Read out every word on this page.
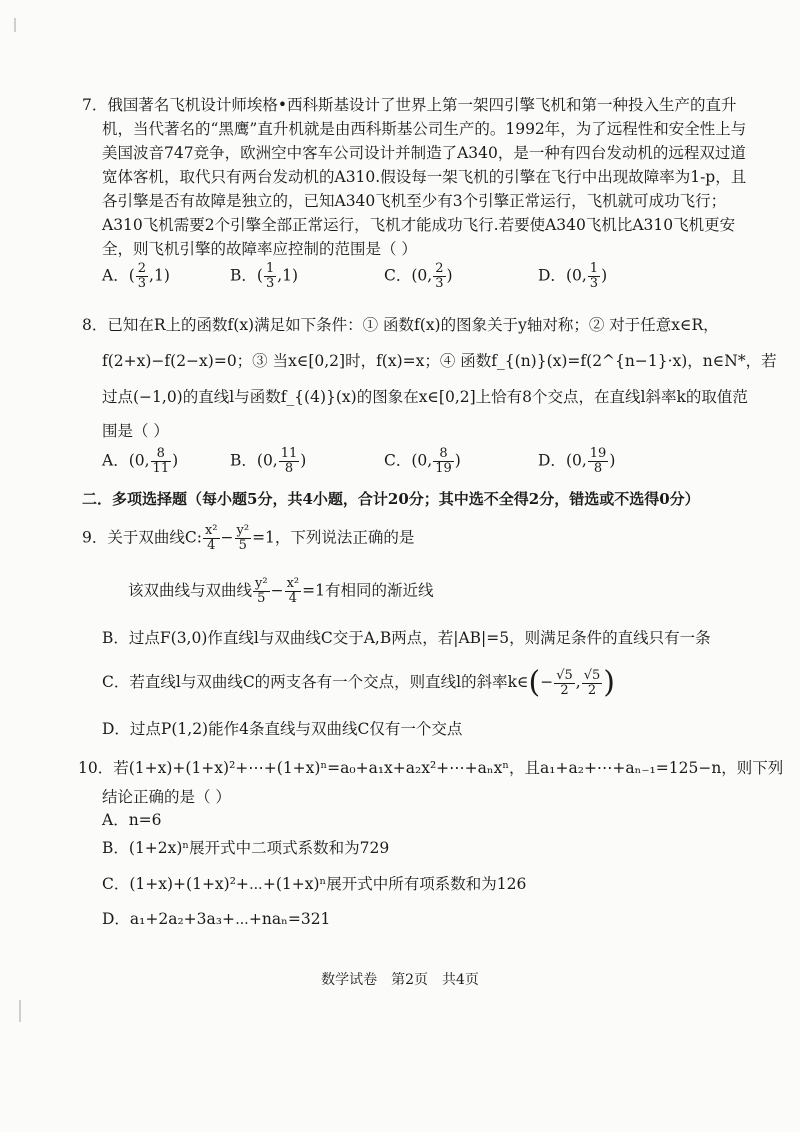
7．俄国著名飞机设计师埃格•西科斯基设计了世界上第一架四引擎飞机和第一种投入生产的直升
机，当代著名的“黑鹰”直升机就是由西科斯基公司生产的。1992年，为了远程性和安全性上与
美国波音747竞争，欧洲空中客车公司设计并制造了A340，是一种有四台发动机的远程双过道
宽体客机，取代只有两台发动机的A310.假设每一架飞机的引擎在飞行中出现故障率为1-p，且
各引擎是否有故障是独立的，已知A340飞机至少有3个引擎正常运行，飞机就可成功飞行；
A310飞机需要2个引擎全部正常运行，飞机才能成功飞行.若要使A340飞机比A310飞机更安
全，则飞机引擎的故障率应控制的范围是（ ）
A．( $\frac{2}{3} ,1$)	B．( $\frac{1}{3} ,1$)	C．(0, $\frac{2}{3}$ )	D．(0, $\frac{1}{3}$ )
8．已知在R上的函数f(x)满足如下条件：① 函数f(x)的图象关于y轴对称；② 对于任意x∈R，
f(2+x)−f(2−x)=0；③ 当x∈[0,2]时，f(x)=x；④ 函数f_{(n)}(x)=f(2^{n−1}·x)，n∈N*，若
过点(−1,0)的直线l与函数f_{(4)}(x)的图象在x∈[0,2]上恰有8个交点，在直线l斜率k的取值范
围是（ ）
A．(0, $\frac{8}{11}$ )	B．(0, $\frac{11}{8}$ )	C．(0, $\frac{8}{19}$ )	D．(0, $\frac{19}{8}$ )
二．多项选择题（每小题5分，共4小题，合计20分；其中选不全得2分，错选或不选得0分）
9．关于双曲线C: $\frac{\text{x²}}{4} - \frac{\text{y²}}{5} =1$，下列说法正确的是
该双曲线与双曲线 $\frac{\text{y²}}{5} - \frac{\text{x²}}{4} =1$有相同的渐近线
B．过点F(3,0)作直线l与双曲线C交于A,B两点，若|AB|=5，则满足条件的直线只有一条
C．若直线l与双曲线C的两支各有一个交点，则直线l的斜率k∈(− $\frac{√5}{2}$ , $\frac{√5}{2}$ )
D．过点P(1,2)能作4条直线与双曲线C仅有一个交点
10．若(1+x)+(1+x)²+⋯+(1+x)ⁿ=a₀+a₁x+a₂x²+⋯+aₙxⁿ，且a₁+a₂+⋯+aₙ₋₁=125−n，则下列
结论正确的是（ ）
A．n=6
B．(1+2x)ⁿ展开式中二项式系数和为729
C．(1+x)+(1+x)²+⋯+(1+x)ⁿ展开式中所有项系数和为126
D．a₁+2a₂+3a₃+⋯+naₙ=321
数学试卷　第2页　共4页
